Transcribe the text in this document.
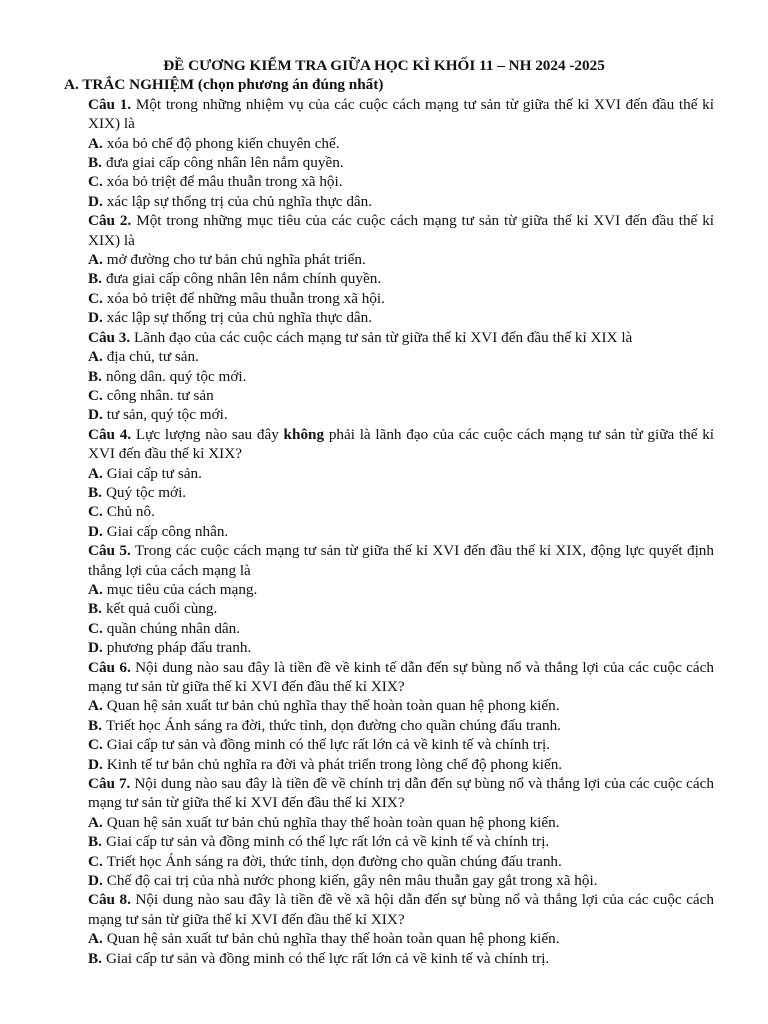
ĐỀ CƯƠNG KIỂM TRA GIỮA HỌC KÌ KHỐI 11 – NH 2024 -2025
A. TRẮC NGHIỆM (chọn phương án đúng nhất)
Câu 1. Một trong những nhiệm vụ của các cuộc cách mạng tư sản từ giữa thế kỉ XVI đến đầu thế kỉ XIX) là
A. xóa bỏ chế độ phong kiến chuyên chế.
B. đưa giai cấp công nhân lên nắm quyền.
C. xóa bỏ triệt để mâu thuẫn trong xã hội.
D. xác lập sự thống trị của chủ nghĩa thực dân.
Câu 2. Một trong những mục tiêu của các cuộc cách mạng tư sản từ giữa thế kỉ XVI đến đầu thế kỉ XIX) là
A. mở đường cho tư bản chủ nghĩa phát triển.
B. đưa giai cấp công nhân lên nắm chính quyền.
C. xóa bỏ triệt để những mâu thuẫn trong xã hội.
D. xác lập sự thống trị của chủ nghĩa thực dân.
Câu 3. Lãnh đạo của các cuộc cách mạng tư sản từ giữa thế kỉ XVI đến đầu thế kỉ XIX là
A. địa chủ, tư sản.
B. nông dân. quý tộc mới.
C. công nhân. tư sản
D. tư sản, quý tộc mới.
Câu 4. Lực lượng nào sau đây không phải là lãnh đạo của các cuộc cách mạng tư sản từ giữa thế kỉ XVI đến đầu thế kỉ XIX?
A. Giai cấp tư sản.
B. Quý tộc mới.
C. Chủ nô.
D. Giai cấp công nhân.
Câu 5. Trong các cuộc cách mạng tư sản từ giữa thế kỉ XVI đến đầu thế kỉ XIX, động lực quyết định thắng lợi của cách mạng là
A. mục tiêu của cách mạng.
B. kết quả cuối cùng.
C. quần chúng nhân dân.
D. phương pháp đấu tranh.
Câu 6. Nội dung nào sau đây là tiền đề về kinh tế dẫn đến sự bùng nổ và thắng lợi của các cuộc cách mạng tư sản từ giữa thế kỉ XVI đến đầu thế kỉ XIX?
A. Quan hệ sản xuất tư bản chủ nghĩa thay thế hoàn toàn quan hệ phong kiến.
B. Triết học Ánh sáng ra đời, thức tỉnh, dọn đường cho quần chúng đấu tranh.
C. Giai cấp tư sản và đồng minh có thế lực rất lớn cả về kinh tế và chính trị.
D. Kinh tế tư bản chủ nghĩa ra đời và phát triển trong lòng chế độ phong kiến.
Câu 7. Nội dung nào sau đây là tiền đề về chính trị dẫn đến sự bùng nổ và thắng lợi của các cuộc cách mạng tư sản từ giữa thế kỉ XVI đến đầu thế kỉ XIX?
A. Quan hệ sản xuất tư bản chủ nghĩa thay thế hoàn toàn quan hệ phong kiến.
B. Giai cấp tư sản và đồng minh có thế lực rất lớn cả về kinh tế và chính trị.
C. Triết học Ánh sáng ra đời, thức tỉnh, dọn đường cho quần chúng đấu tranh.
D. Chế độ cai trị của nhà nước phong kiến, gây nên mâu thuẫn gay gắt trong xã hội.
Câu 8. Nội dung nào sau đây là tiền đề về xã hội dẫn đến sự bùng nổ và thắng lợi của các cuộc cách mạng tư sản từ giữa thế kỉ XVI đến đầu thế kỉ XIX?
A. Quan hệ sản xuất tư bản chủ nghĩa thay thế hoàn toàn quan hệ phong kiến.
B. Giai cấp tư sản và đồng minh có thế lực rất lớn cả về kinh tế và chính trị.
